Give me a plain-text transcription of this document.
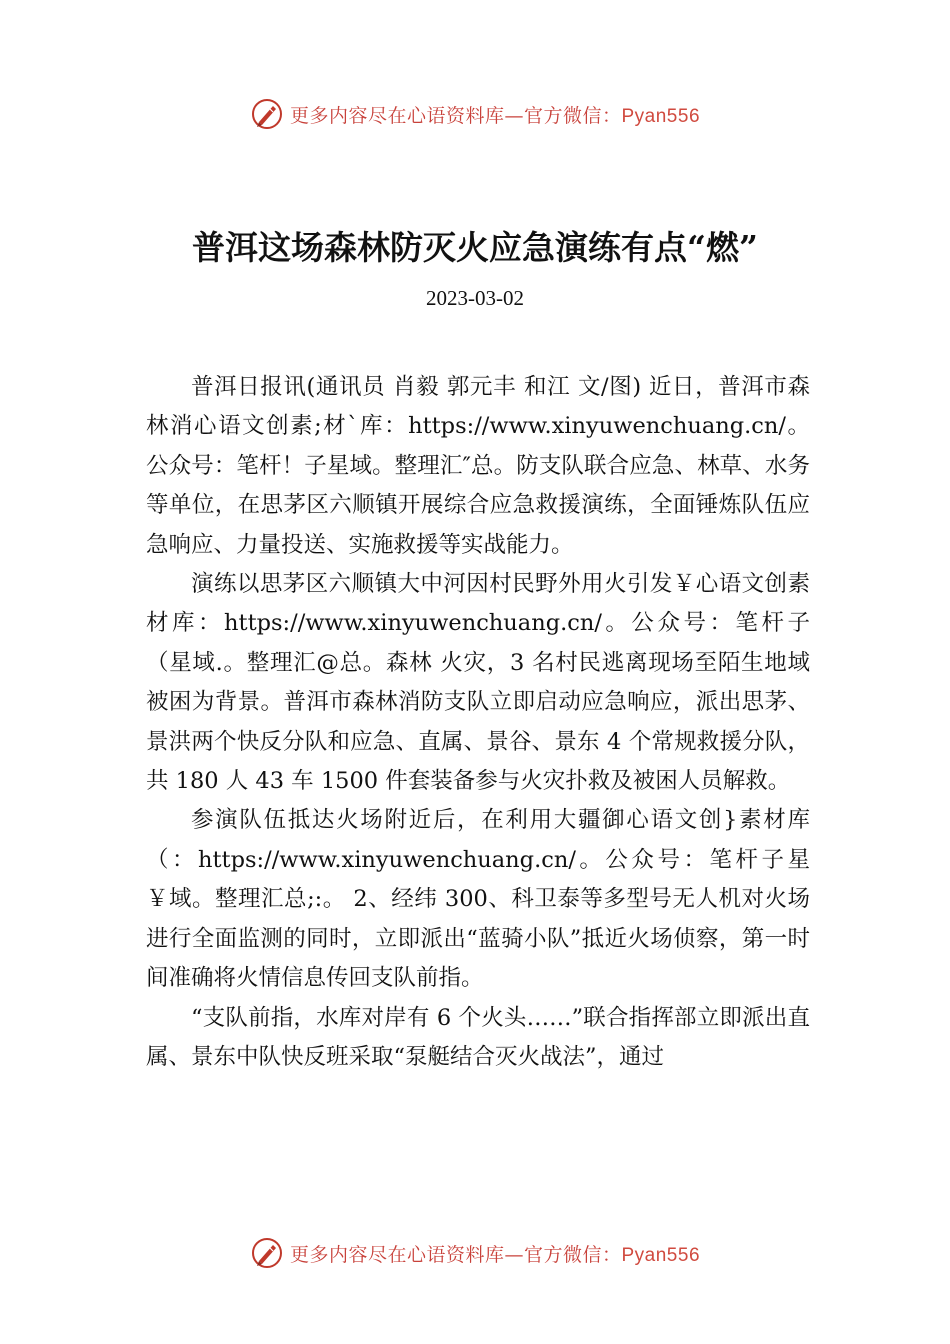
更多内容尽在心语资料库—官方微信：Pyan556
普洱这场森林防灭火应急演练有点“燃”

2023-03-02

普洱日报讯(通讯员 肖毅 郭元丰 和江 文/图) 近日，普洱市森林消心语文创素;材`库：https://www.xinyuwenchuang.cn/。公众号：笔杆！子星域。整理汇″总。防支队联合应急、林草、水务等单位，在思茅区六顺镇开展综合应急救援演练，全面锤炼队伍应急响应、力量投送、实施救援等实战能力。

演练以思茅区六顺镇大中河因村民野外用火引发￥心语文创素材库：https://www.xinyuwenchuang.cn/。公众号：笔杆子（星域.。整理汇@总。森林 火灾，3 名村民逃离现场至陌生地域被困为背景。普洱市森林消防支队立即启动应急响应，派出思茅、景洪两个快反分队和应急、直属、景谷、景东 4 个常规救援分队，共 180 人 43 车 1500 件套装备参与火灾扑救及被困人员解救。

参演队伍抵达火场附近后，在利用大疆御心语文创}素材库（：https://www.xinyuwenchuang.cn/。公众号：笔杆子星￥域。整理汇总;:。 2、经纬 300、科卫泰等多型号无人机对火场进行全面监测的同时，立即派出“蓝骑小队”抵近火场侦察，第一时间准确将火情信息传回支队前指。

“支队前指，水库对岸有 6 个火头……”联合指挥部立即派出直属、景东中队快反班采取“泵艇结合灭火战法”，通过

更多内容尽在心语资料库—官方微信：Pyan556
